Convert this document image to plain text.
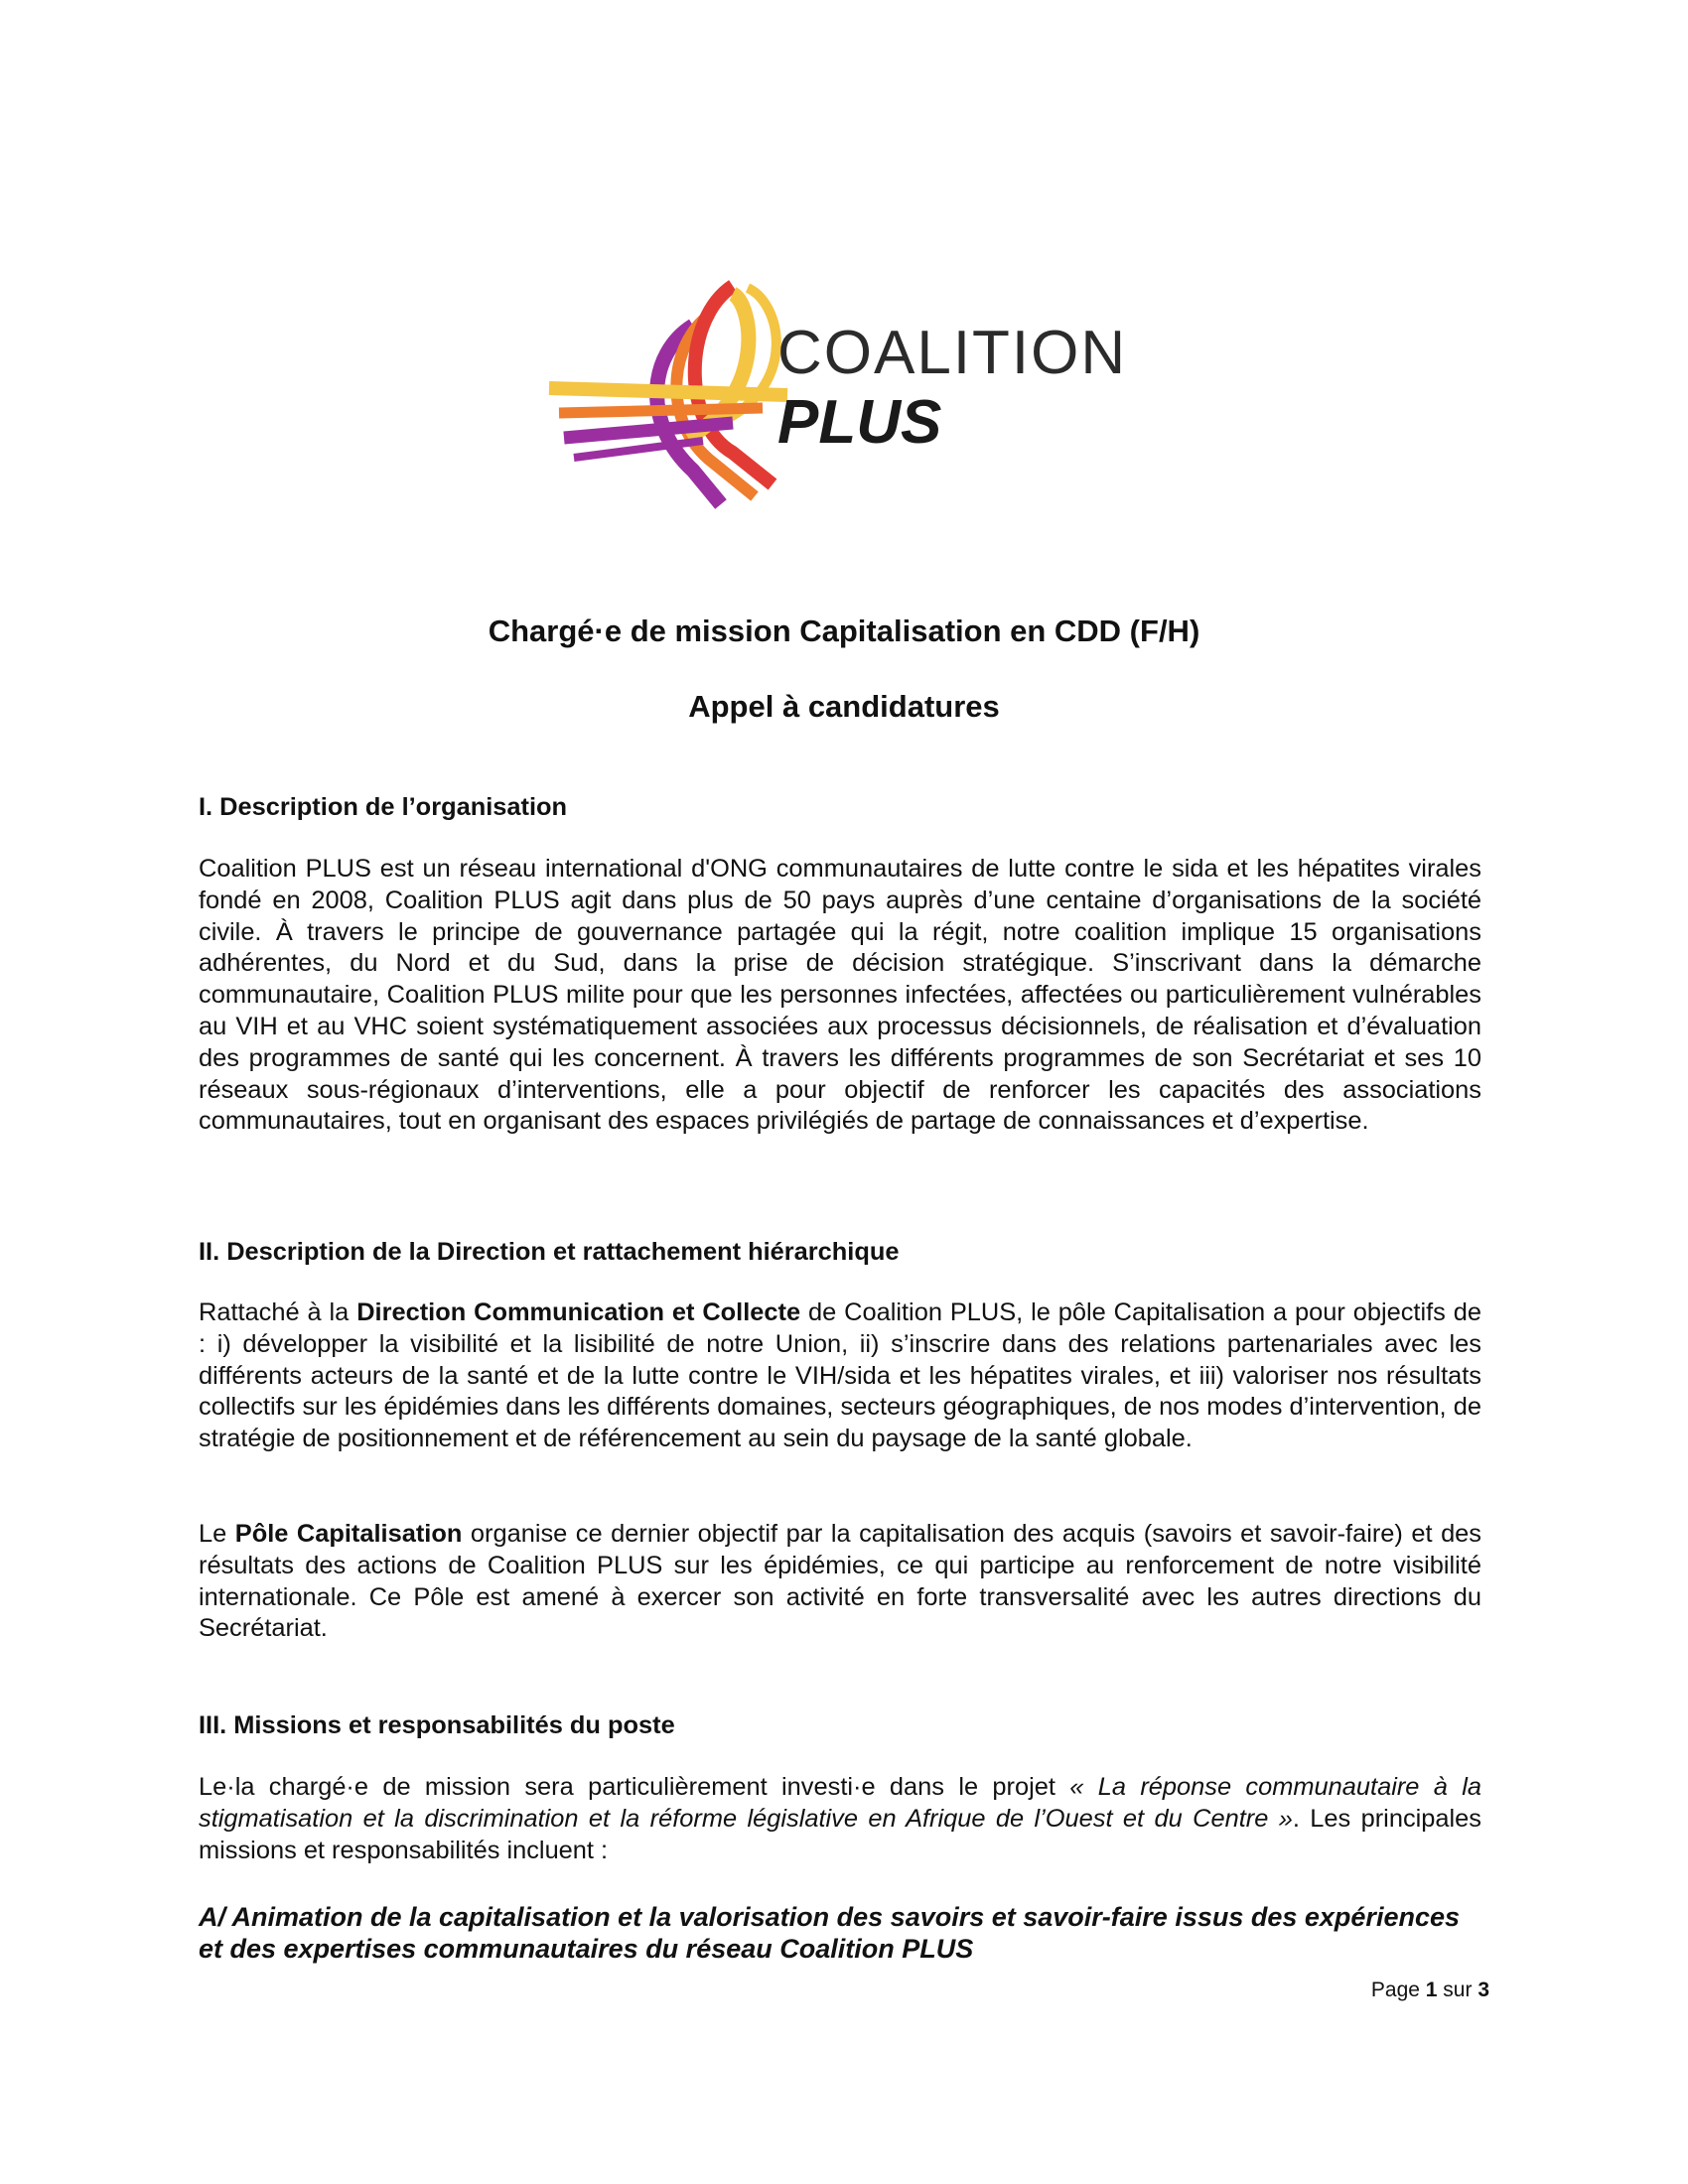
COALITION
PLUS
Chargé·e de mission Capitalisation en CDD (F/H)
Appel à candidatures
I. Description de l’organisation
Coalition PLUS est un réseau international d'ONG communautaires de lutte contre le sida et les hépatites virales fondé en 2008, Coalition PLUS agit dans plus de 50 pays auprès d’une centaine d’organisations de la société civile. À travers le principe de gouvernance partagée qui la régit, notre coalition implique 15 organisations adhérentes, du Nord et du Sud, dans la prise de décision stratégique. S’inscrivant dans la démarche communautaire, Coalition PLUS milite pour que les personnes infectées, affectées ou particulièrement vulnérables au VIH et au VHC soient systématiquement associées aux processus décisionnels, de réalisation et d’évaluation des programmes de santé qui les concernent. À travers les différents programmes de son Secrétariat et ses 10 réseaux sous-régionaux d’interventions, elle a pour objectif de renforcer les capacités des associations communautaires, tout en organisant des espaces privilégiés de partage de connaissances et d’expertise.
II. Description de la Direction et rattachement hiérarchique
Rattaché à la Direction Communication et Collecte de Coalition PLUS, le pôle Capitalisation a pour objectifs de : i) développer la visibilité et la lisibilité de notre Union, ii) s’inscrire dans des relations partenariales avec les différents acteurs de la santé et de la lutte contre le VIH/sida et les hépatites virales, et iii) valoriser nos résultats collectifs sur les épidémies dans les différents domaines, secteurs géographiques, de nos modes d’intervention, de stratégie de positionnement et de référencement au sein du paysage de la santé globale.
Le Pôle Capitalisation organise ce dernier objectif par la capitalisation des acquis (savoirs et savoir-faire) et des résultats des actions de Coalition PLUS sur les épidémies, ce qui participe au renforcement de notre visibilité internationale. Ce Pôle est amené à exercer son activité en forte transversalité avec les autres directions du Secrétariat.
III. Missions et responsabilités du poste
Le·la chargé·e de mission sera particulièrement investi·e dans le projet « La réponse communautaire à la stigmatisation et la discrimination et la réforme législative en Afrique de l’Ouest et du Centre ». Les principales missions et responsabilités incluent :
A/ Animation de la capitalisation et la valorisation des savoirs et savoir-faire issus des expériences et des expertises communautaires du réseau Coalition PLUS
Page 1 sur 3
